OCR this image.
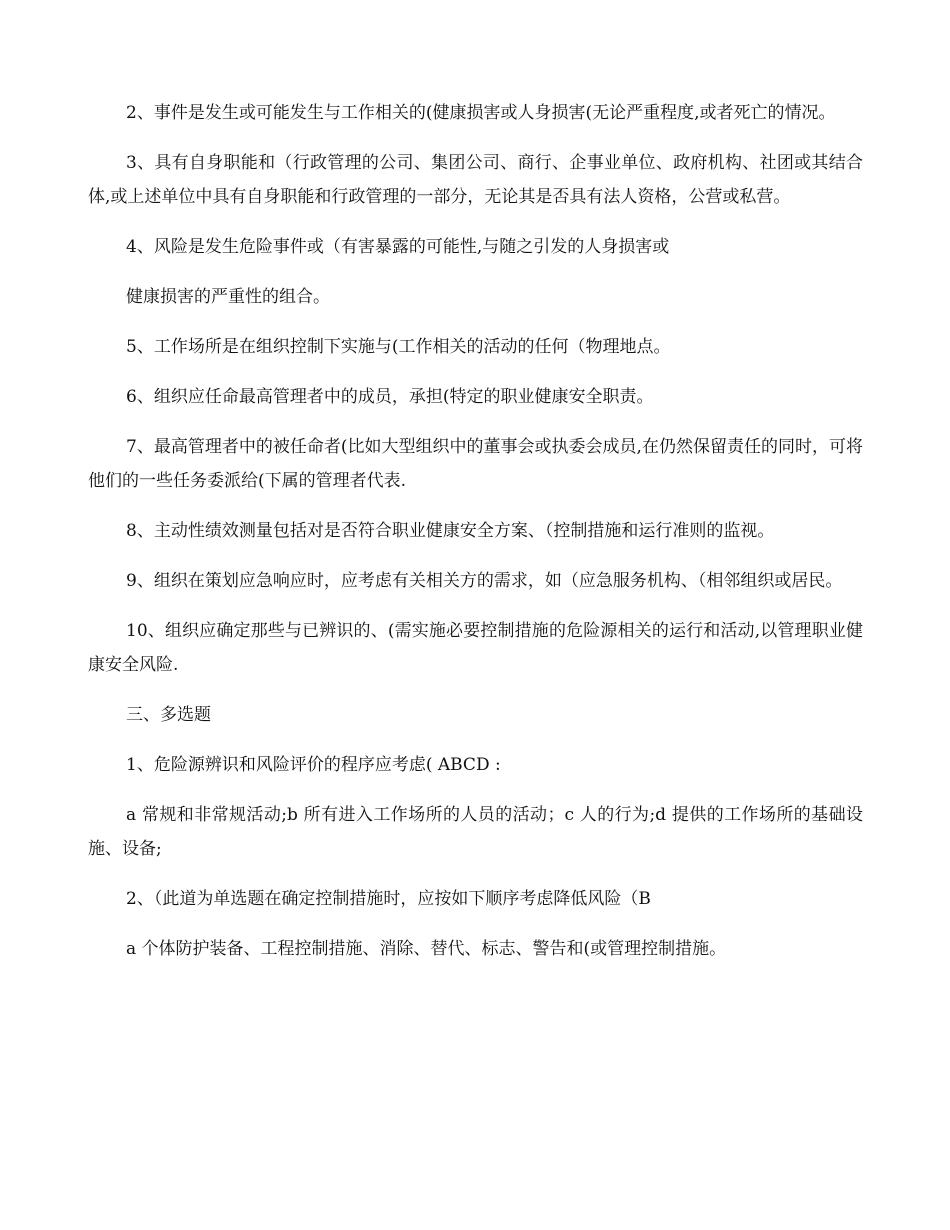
2、事件是发生或可能发生与工作相关的(健康损害或人身损害(无论严重程度,或者死亡的情况。

3、具有自身职能和（行政管理的公司、集团公司、商行、企事业单位、政府机构、社团或其结合体,或上述单位中具有自身职能和行政管理的一部分，无论其是否具有法人资格，公营或私营。

4、风险是发生危险事件或（有害暴露的可能性,与随之引发的人身损害或

健康损害的严重性的组合。

5、工作场所是在组织控制下实施与(工作相关的活动的任何（物理地点。

6、组织应任命最高管理者中的成员，承担(特定的职业健康安全职责。

7、最高管理者中的被任命者(比如大型组织中的董事会或执委会成员,在仍然保留责任的同时，可将他们的一些任务委派给(下属的管理者代表.

8、主动性绩效测量包括对是否符合职业健康安全方案、（控制措施和运行准则的监视。

9、组织在策划应急响应时，应考虑有关相关方的需求，如（应急服务机构、（相邻组织或居民。

10、组织应确定那些与已辨识的、(需实施必要控制措施的危险源相关的运行和活动,以管理职业健康安全风险.

三、多选题

1、危险源辨识和风险评价的程序应考虑( ABCD :

a 常规和非常规活动;b 所有进入工作场所的人员的活动；c 人的行为;d 提供的工作场所的基础设施、设备;

2、（此道为单选题在确定控制措施时，应按如下顺序考虑降低风险（B

a 个体防护装备、工程控制措施、消除、替代、标志、警告和(或管理控制措施。
